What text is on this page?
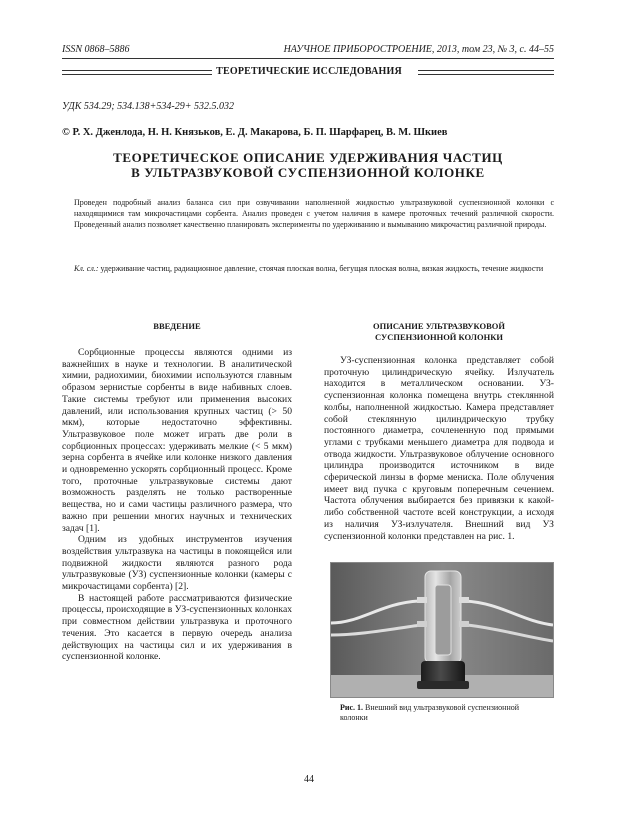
ISSN 0868–5886	НАУЧНОЕ ПРИБОРОСТРОЕНИЕ, 2013, том 23, № 3, с. 44–55
ТЕОРЕТИЧЕСКИЕ ИССЛЕДОВАНИЯ
УДК 534.29; 534.138+534-29+ 532.5.032
© Р. Х. Дженлода, Н. Н. Князьков, Е. Д. Макарова, Б. П. Шарфарец, В. М. Шкиев
ТЕОРЕТИЧЕСКОЕ ОПИСАНИЕ УДЕРЖИВАНИЯ ЧАСТИЦ
В УЛЬТРАЗВУКОВОЙ СУСПЕНЗИОННОЙ КОЛОНКЕ
Проведен подробный анализ баланса сил при озвучивании наполненной жидкостью ультразвуковой суспензионной колонки с находящимися там микрочастицами сорбента. Анализ проведен с учетом наличия в камере проточных течений различной скорости. Проведенный анализ позволяет качественно планировать эксперименты по удерживанию и вымыванию микрочастиц различной природы.
Кл. сл.: удерживание частиц, радиационное давление, стоячая плоская волна, бегущая плоская волна, вязкая жидкость, течение жидкости
ВВЕДЕНИЕ

Сорбционные процессы являются одними из важнейших в науке и технологии. В аналитической химии, радиохимии, биохимии используются главным образом зернистые сорбенты в виде набивных слоев. Такие системы требуют или применения высоких давлений, или использования крупных частиц (> 50 мкм), которые недостаточно эффективны. Ультразвуковое поле может играть две роли в сорбционных процессах: удерживать мелкие (< 5 мкм) зерна сорбента в ячейке или колонке низкого давления и одновременно ускорять сорбционный процесс. Кроме того, проточные ультразвуковые системы дают возможность разделять не только растворенные вещества, но и сами частицы различного размера, что важно при решении многих научных и технических задач [1].

Одним из удобных инструментов изучения воздействия ультразвука на частицы в покоящейся или подвижной жидкости являются разного рода ультразвуковые (УЗ) суспензионные колонки (камеры с микрочастицами сорбента) [2].

В настоящей работе рассматриваются физические процессы, происходящие в УЗ-суспензионных колонках при совместном действии ультразвука и проточного течения. Это касается в первую очередь анализа действующих на частицы сил и их удерживания в суспензионной колонке.

ОПИСАНИЕ УЛЬТРАЗВУКОВОЙ
СУСПЕНЗИОННОЙ КОЛОНКИ

УЗ-суспензионная колонка представляет собой проточную цилиндрическую ячейку. Излучатель находится в металлическом основании. УЗ-суспензионная колонка помещена внутрь стеклянной колбы, наполненной жидкостью. Камера представляет собой стеклянную цилиндрическую трубку постоянного диаметра, сочлененную под прямыми углами с трубками меньшего диаметра для подвода и отвода жидкости. Ультразвуковое облучение основного цилиндра производится источником в виде сферической линзы в форме мениска. Поле облучения имеет вид пучка с круговым поперечным сечением. Частота облучения выбирается без привязки к какой-либо собственной частоте всей конструкции, а исходя из наличия УЗ-излучателя. Внешний вид УЗ суспензионной колонки представлен на рис. 1.

Рис. 1. Внешний вид ультразвуковой суспензионной колонки
44
